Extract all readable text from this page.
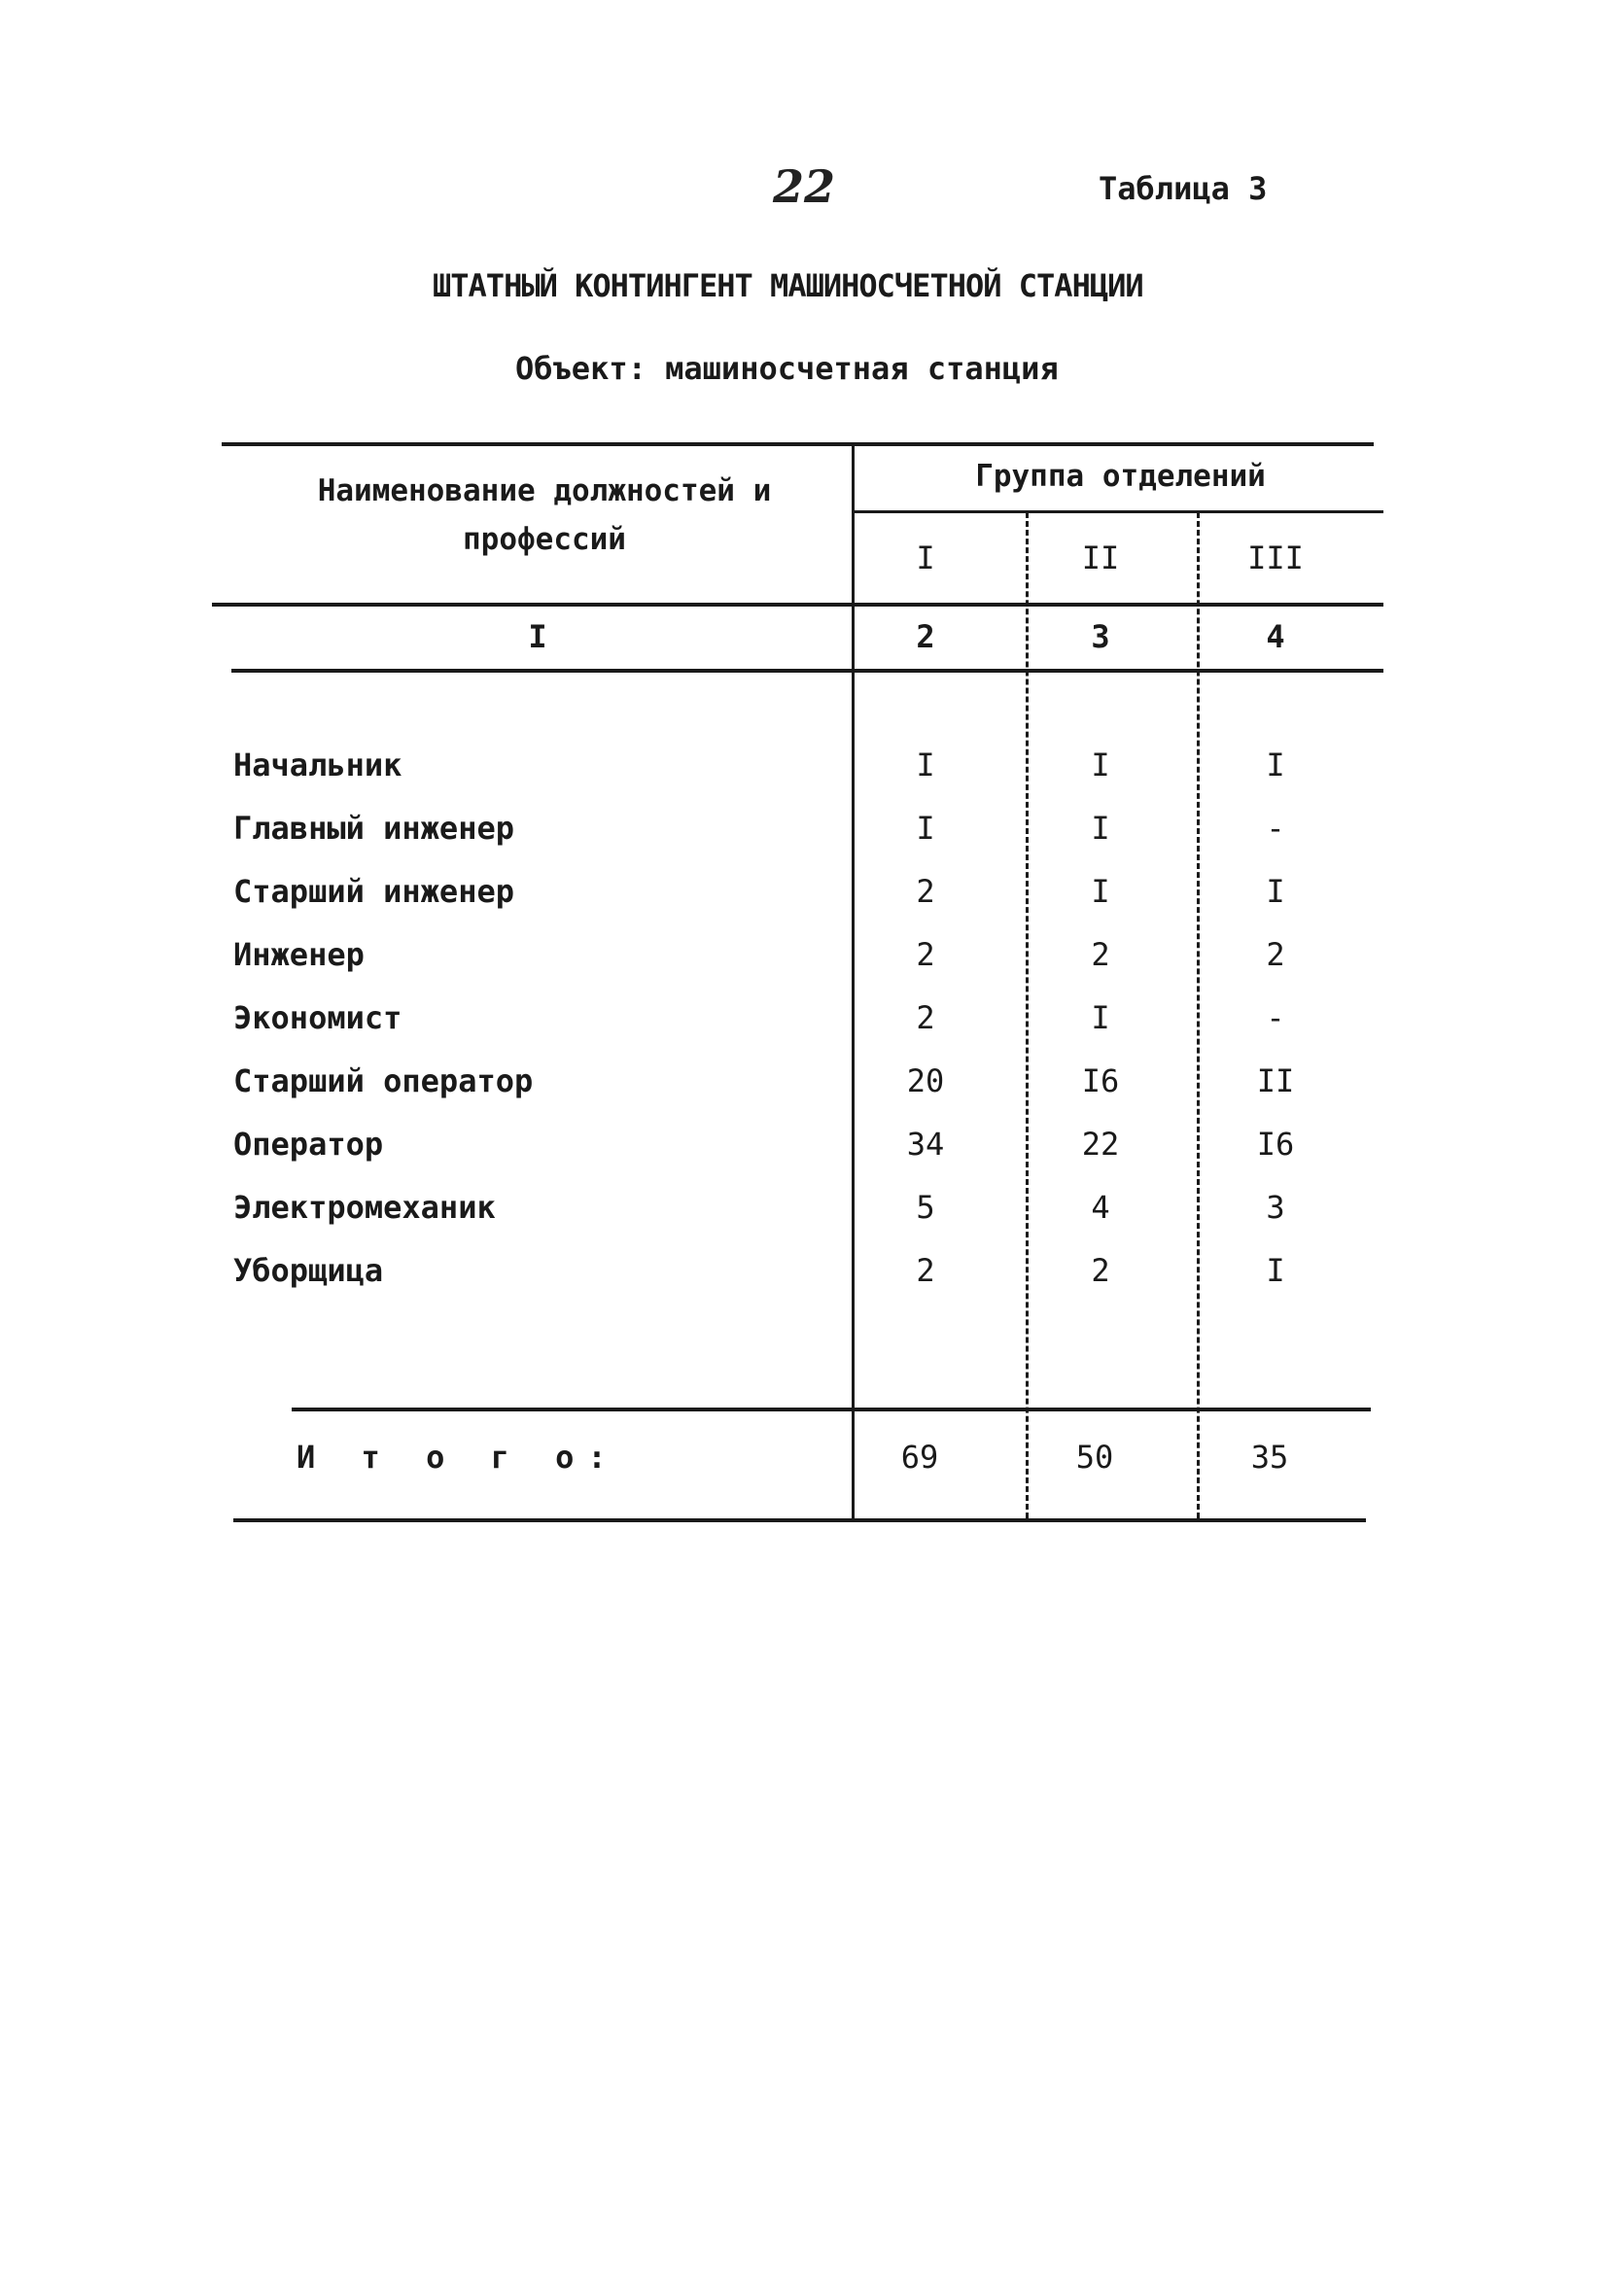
22	Таблица 3
ШТАТНЫЙ КОНТИНГЕНТ МАШИНОСЧЕТНОЙ СТАНЦИИ
Объект: машиносчетная станция
Наименование должностей и профессий
Группа отделений
I	II	III
I	2	3	4
Начальник	I	I	I
Главный инженер	I	I	-
Старший инженер	2	I	I
Инженер	2	2	2
Экономист	2	I	-
Старший оператор	20	I6	II
Оператор	34	22	I6
Электромеханик	5	4	3
Уборщица	2	2	I
И т о г о:	69	50	35
